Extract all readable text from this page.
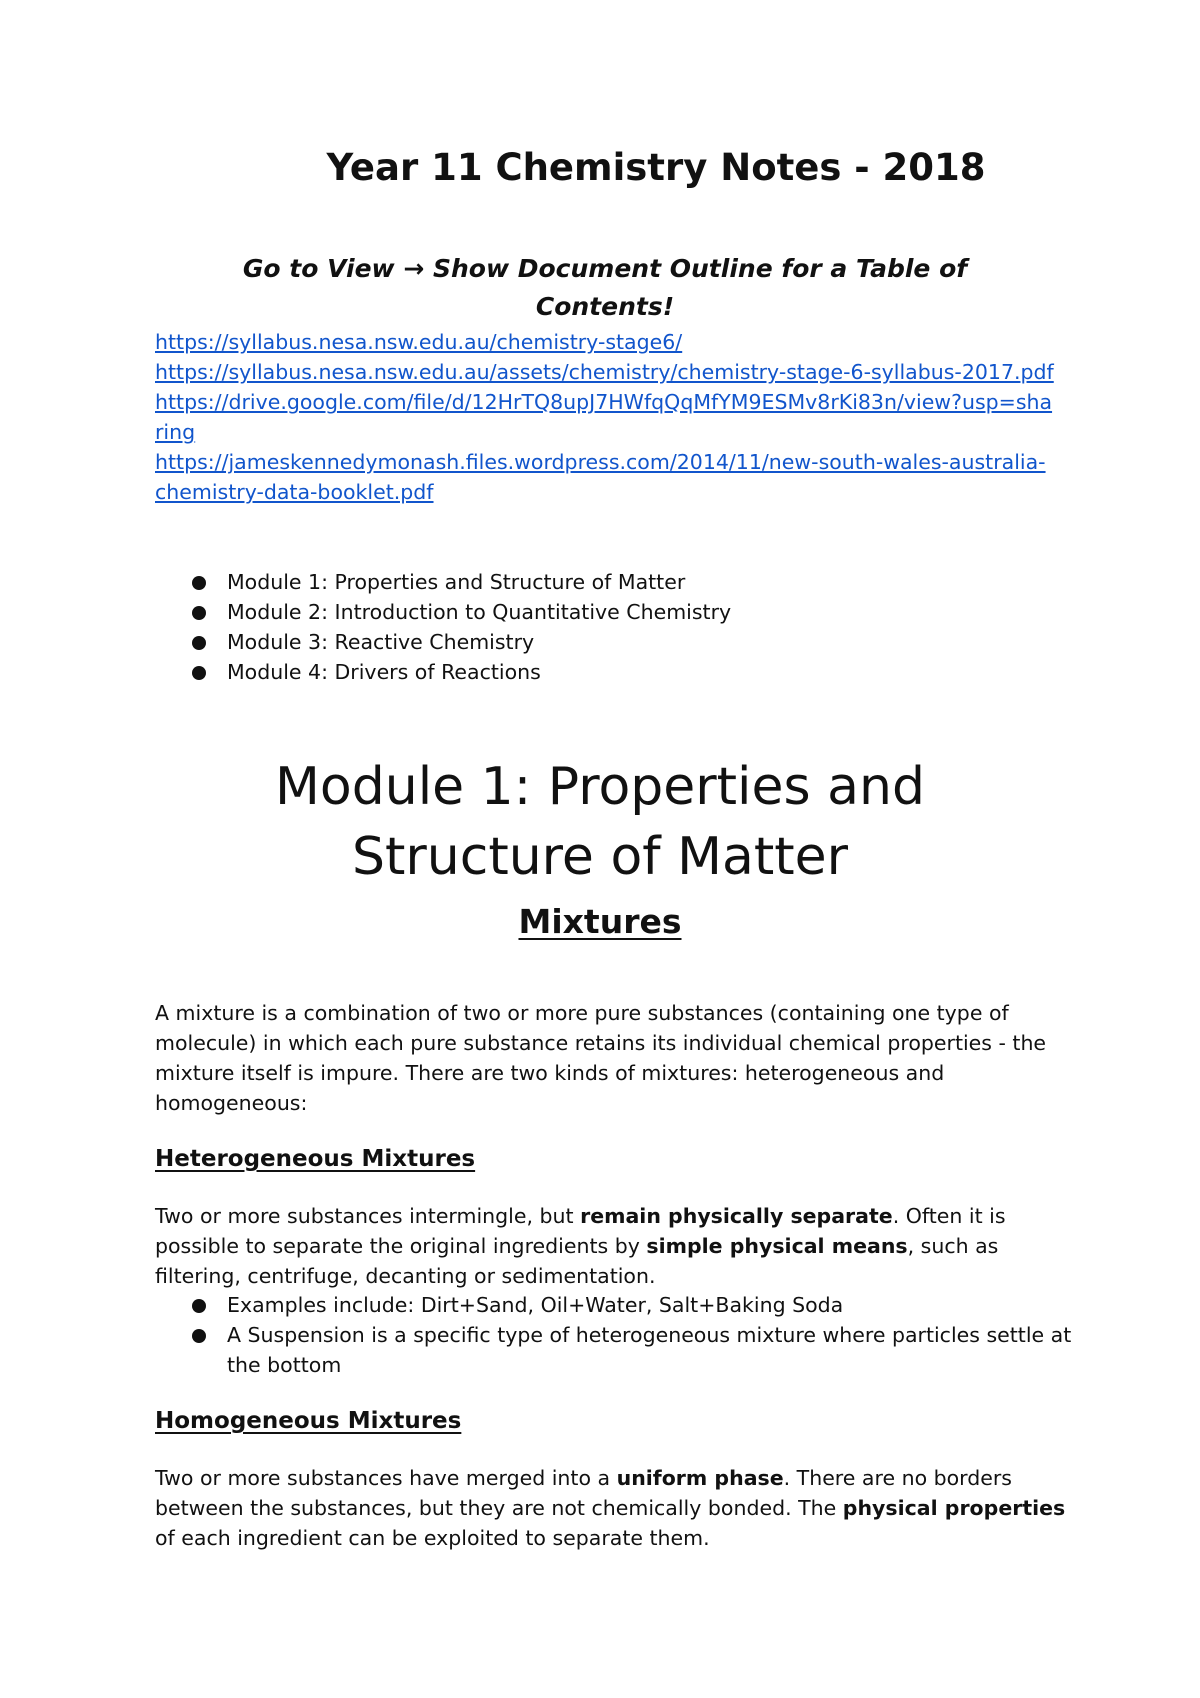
Year 11 Chemistry Notes - 2018

Go to View → Show Document Outline for a Table of Contents!

https://syllabus.nesa.nsw.edu.au/chemistry-stage6/
https://syllabus.nesa.nsw.edu.au/assets/chemistry/chemistry-stage-6-syllabus-2017.pdf
https://drive.google.com/file/d/12HrTQ8upJ7HWfqQqMfYM9ESMv8rKi83n/view?usp=sharing
https://jameskennedymonash.files.wordpress.com/2014/11/new-south-wales-australia-chemistry-data-booklet.pdf
Module 1: Properties and Structure of Matter
Module 2: Introduction to Quantitative Chemistry
Module 3: Reactive Chemistry
Module 4: Drivers of Reactions
Module 1: Properties and Structure of Matter
Mixtures

A mixture is a combination of two or more pure substances (containing one type of molecule) in which each pure substance retains its individual chemical properties - the mixture itself is impure. There are two kinds of mixtures: heterogeneous and homogeneous:

Heterogeneous Mixtures

Two or more substances intermingle, but remain physically separate. Often it is possible to separate the original ingredients by simple physical means, such as filtering, centrifuge, decanting or sedimentation.

Examples include: Dirt+Sand, Oil+Water, Salt+Baking Soda
A Suspension is a specific type of heterogeneous mixture where particles settle at the bottom
Homogeneous Mixtures

Two or more substances have merged into a uniform phase. There are no borders between the substances, but they are not chemically bonded. The physical properties of each ingredient can be exploited to separate them.
